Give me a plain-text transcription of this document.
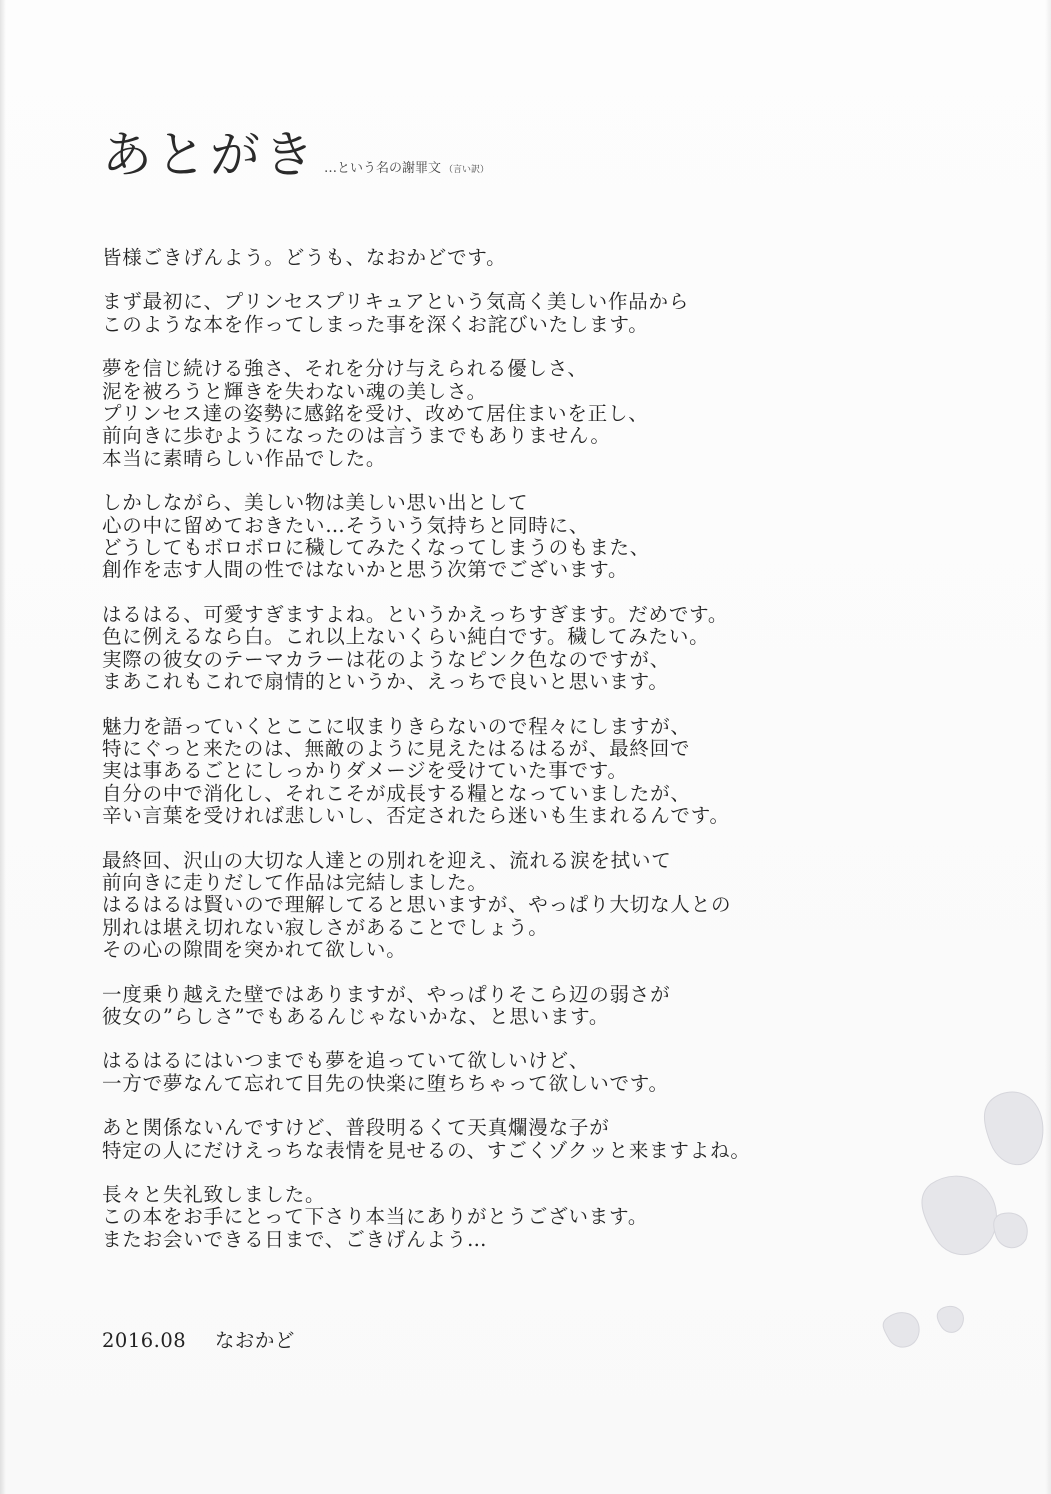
あとがき …という名の謝罪文 （言い訳）
皆様ごきげんよう。どうも、なおかどです。
まず最初に、プリンセスプリキュアという気高く美しい作品から
このような本を作ってしまった事を深くお詫びいたします。
夢を信じ続ける強さ、それを分け与えられる優しさ、
泥を被ろうと輝きを失わない魂の美しさ。
プリンセス達の姿勢に感銘を受け、改めて居住まいを正し、
前向きに歩むようになったのは言うまでもありません。
本当に素晴らしい作品でした。
しかしながら、美しい物は美しい思い出として
心の中に留めておきたい…そういう気持ちと同時に、
どうしてもボロボロに穢してみたくなってしまうのもまた、
創作を志す人間の性ではないかと思う次第でございます。
はるはる、可愛すぎますよね。というかえっちすぎます。だめです。
色に例えるなら白。これ以上ないくらい純白です。穢してみたい。
実際の彼女のテーマカラーは花のようなピンク色なのですが、
まあこれもこれで扇情的というか、えっちで良いと思います。
魅力を語っていくとここに収まりきらないので程々にしますが、
特にぐっと来たのは、無敵のように見えたはるはるが、最終回で
実は事あるごとにしっかりダメージを受けていた事です。
自分の中で消化し、それこそが成長する糧となっていましたが、
辛い言葉を受ければ悲しいし、否定されたら迷いも生まれるんです。
最終回、沢山の大切な人達との別れを迎え、流れる涙を拭いて
前向きに走りだして作品は完結しました。
はるはるは賢いので理解してると思いますが、やっぱり大切な人との
別れは堪え切れない寂しさがあることでしょう。
その心の隙間を突かれて欲しい。
一度乗り越えた壁ではありますが、やっぱりそこら辺の弱さが
彼女の”らしさ”でもあるんじゃないかな、と思います。
はるはるにはいつまでも夢を追っていて欲しいけど、
一方で夢なんて忘れて目先の快楽に堕ちちゃって欲しいです。
あと関係ないんですけど、普段明るくて天真爛漫な子が
特定の人にだけえっちな表情を見せるの、すごくゾクッと来ますよね。
長々と失礼致しました。
この本をお手にとって下さり本当にありがとうございます。
またお会いできる日まで、ごきげんよう…
2016.08 なおかど
